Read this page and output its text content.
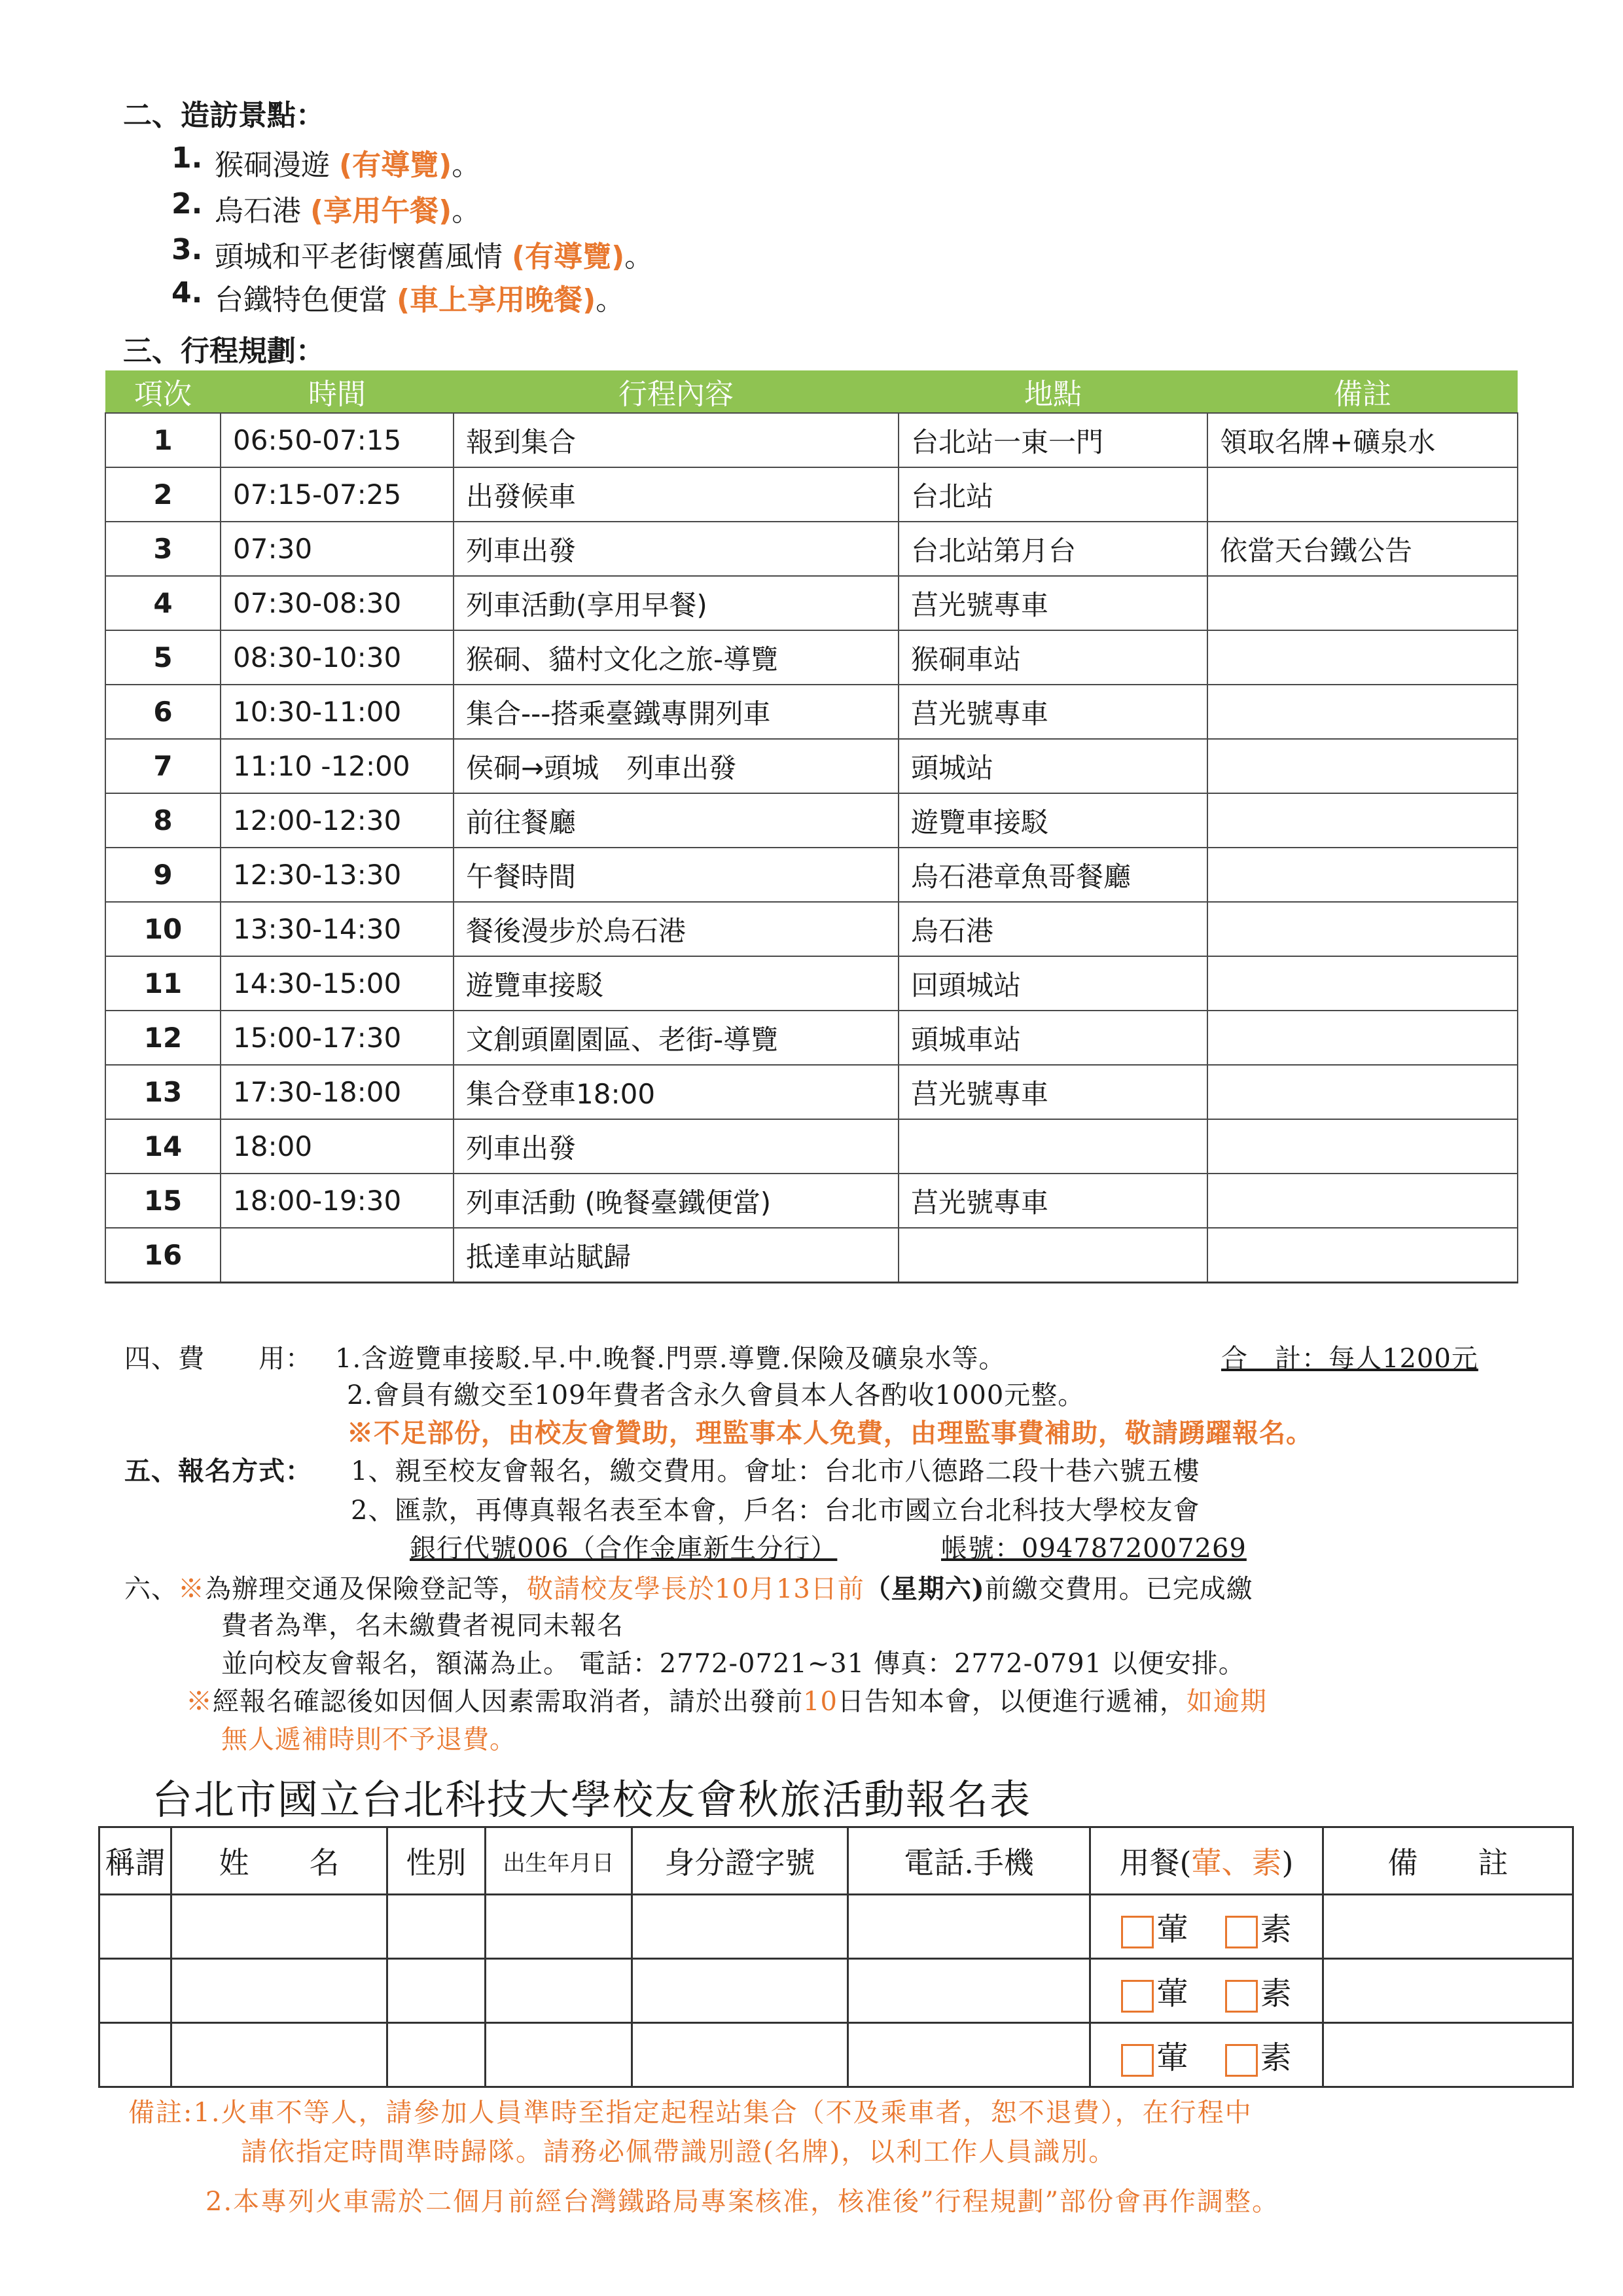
二、造訪景點：
1. 猴硐漫遊 (有導覽)。
2. 烏石港 (享用午餐)。
3. 頭城和平老街懷舊風情 (有導覽)。
4. 台鐵特色便當 (車上享用晚餐)。
三、行程規劃：
項次	時間	行程內容	地點	備註
1	06:50-07:15	報到集合	台北站一東一門	領取名牌+礦泉水
2	07:15-07:25	出發候車	台北站	
3	07:30	列車出發	台北站第月台	依當天台鐵公告
4	07:30-08:30	列車活動(享用早餐)	莒光號專車	
5	08:30-10:30	猴硐、貓村文化之旅-導覽	猴硐車站	
6	10:30-11:00	集合---搭乘臺鐵專開列車	莒光號專車	
7	11:10 -12:00	侯硐→頭城　列車出發	頭城站	
8	12:00-12:30	前往餐廳	遊覽車接駁	
9	12:30-13:30	午餐時間	烏石港章魚哥餐廳	
10	13:30-14:30	餐後漫步於烏石港	烏石港	
11	14:30-15:00	遊覽車接駁	回頭城站	
12	15:00-17:30	文創頭圍園區、老街-導覽	頭城車站	
13	17:30-18:00	集合登車18:00	莒光號專車	
14	18:00	列車出發		
15	18:00-19:30	列車活動 (晚餐臺鐵便當)	莒光號專車	
16		抵達車站賦歸		
四、費　　用： 1.含遊覽車接駁.早.中.晚餐.門票.導覽.保險及礦泉水等。	合　計：每人1200元
2.會員有繳交至109年費者含永久會員本人各酌收1000元整。
※不足部份，由校友會贊助，理監事本人免費，由理監事費補助，敬請踴躍報名。
五、報名方式： 1、親至校友會報名，繳交費用。會址：台北市八德路二段十巷六號五樓
2、匯款，再傳真報名表至本會，戶名：台北市國立台北科技大學校友會
銀行代號006（合作金庫新生分行）	帳號：0947872007269
六、※為辦理交通及保險登記等，敬請校友學長於10月13日前（星期六)前繳交費用。已完成繳
費者為準，名未繳費者視同未報名
並向校友會報名，額滿為止。 電話：2772-0721~31 傳真：2772-0791 以便安排。
※經報名確認後如因個人因素需取消者，請於出發前10日告知本會，以便進行遞補，如逾期
無人遞補時則不予退費。
台北市國立台北科技大學校友會秋旅活動報名表
稱謂	姓　　名	性別	出生年月日	身分證字號	電話.手機	用餐(葷、素)	備　　註
						葷 素	
						葷 素	
						葷 素	
備註:1.火車不等人，請參加人員準時至指定起程站集合（不及乘車者，恕不退費），在行程中
請依指定時間準時歸隊。請務必佩帶識別證(名牌)，以利工作人員識別。
2.本專列火車需於二個月前經台灣鐵路局專案核准，核准後”行程規劃”部份會再作調整。
